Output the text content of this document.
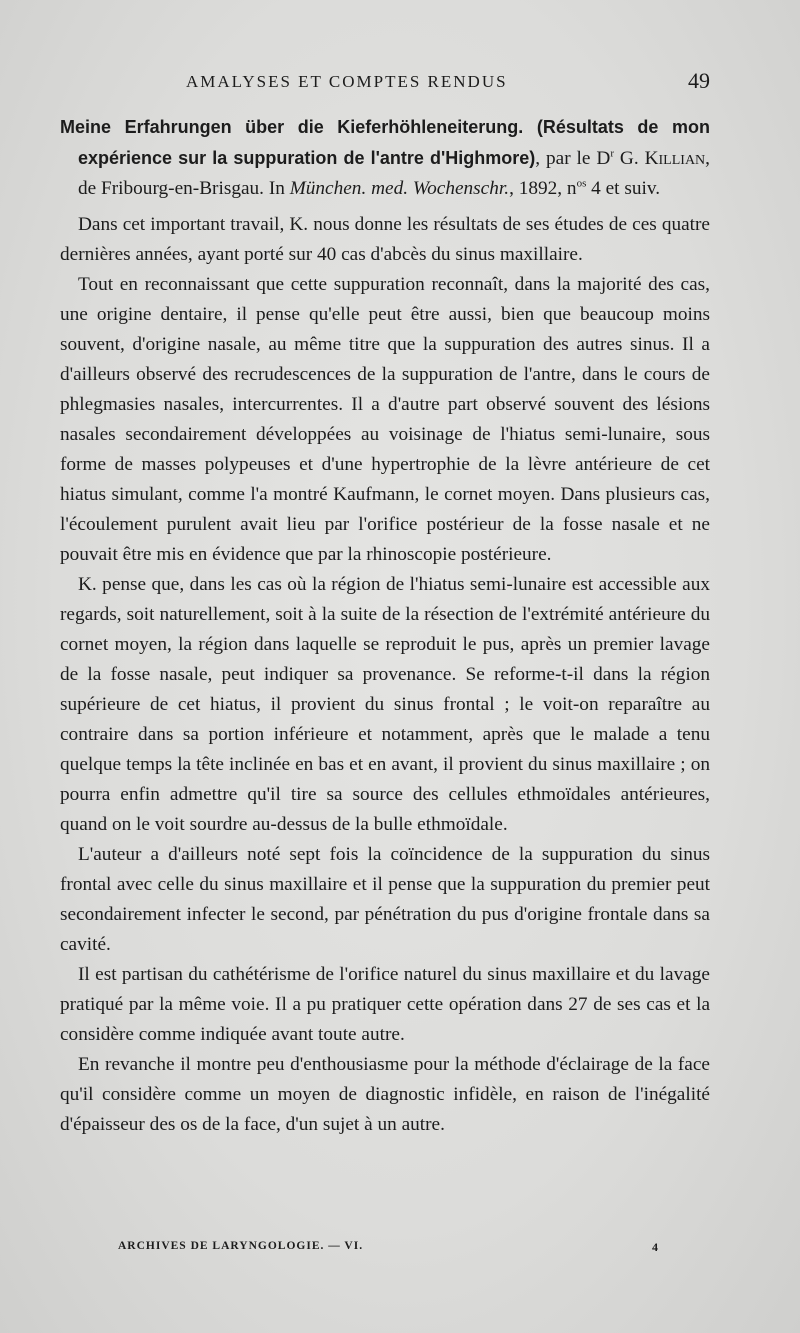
AMALYSES ET COMPTES RENDUS	49

Meine Erfahrungen über die Kieferhöhleneiterung. (Résultats de mon expérience sur la suppuration de l'antre d'Highmore), par le $D^r$ G. Killian, de Fribourg-en-Brisgau. In München. med. Wochenschr., 1892, $n^{os}$ 4 et suiv.

Dans cet important travail, K. nous donne les résultats de ses études de ces quatre dernières années, ayant porté sur 40 cas d'abcès du sinus maxillaire.

Tout en reconnaissant que cette suppuration reconnaît, dans la majorité des cas, une origine dentaire, il pense qu'elle peut être aussi, bien que beaucoup moins souvent, d'origine nasale, au même titre que la suppuration des autres sinus. Il a d'ailleurs observé des recrudescences de la suppuration de l'antre, dans le cours de phlegmasies nasales, intercurrentes. Il a d'autre part observé souvent des lésions nasales secondairement développées au voisinage de l'hiatus semi-lunaire, sous forme de masses polypeuses et d'une hypertrophie de la lèvre antérieure de cet hiatus simulant, comme l'a montré Kaufmann, le cornet moyen. Dans plusieurs cas, l'écoulement purulent avait lieu par l'orifice postérieur de la fosse nasale et ne pouvait être mis en évidence que par la rhinoscopie postérieure.

K. pense que, dans les cas où la région de l'hiatus semi-lunaire est accessible aux regards, soit naturellement, soit à la suite de la résection de l'extrémité antérieure du cornet moyen, la région dans laquelle se reproduit le pus, après un premier lavage de la fosse nasale, peut indiquer sa provenance. Se reforme-t-il dans la région supérieure de cet hiatus, il provient du sinus frontal ; le voit-on reparaître au contraire dans sa portion inférieure et notamment, après que le malade a tenu quelque temps la tête inclinée en bas et en avant, il provient du sinus maxillaire ; on pourra enfin admettre qu'il tire sa source des cellules ethmoïdales antérieures, quand on le voit sourdre au-dessus de la bulle ethmoïdale.

L'auteur a d'ailleurs noté sept fois la coïncidence de la suppuration du sinus frontal avec celle du sinus maxillaire et il pense que la suppuration du premier peut secondairement infecter le second, par pénétration du pus d'origine frontale dans sa cavité.

Il est partisan du cathétérisme de l'orifice naturel du sinus maxillaire et du lavage pratiqué par la même voie. Il a pu pratiquer cette opération dans 27 de ses cas et la considère comme indiquée avant toute autre.

En revanche il montre peu d'enthousiasme pour la méthode d'éclairage de la face qu'il considère comme un moyen de diagnostic infidèle, en raison de l'inégalité d'épaisseur des os de la face, d'un sujet à un autre.

ARCHIVES DE LARYNGOLOGIE. — VI.	4
